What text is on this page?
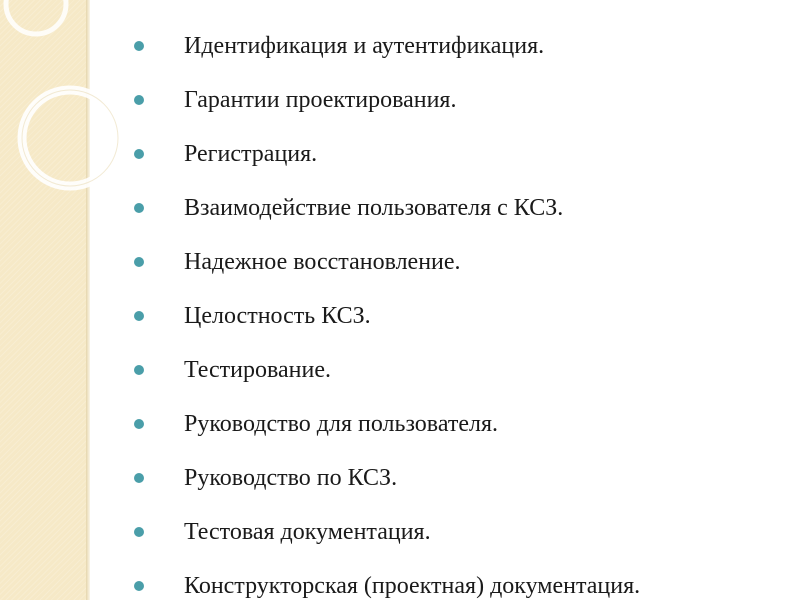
Идентификация и аутентификация.
Гарантии проектирования.
Регистрация.
Взаимодействие пользователя с КСЗ.
Надежное восстановление.
Целостность КСЗ.
Тестирование.
Руководство для пользователя.
Руководство по КСЗ.
Тестовая документация.
Конструкторская (проектная) документация.
